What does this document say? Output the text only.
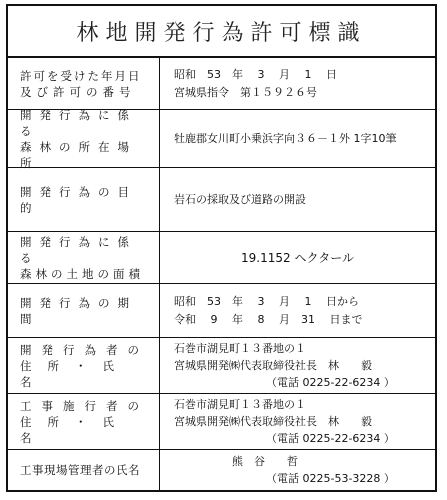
林地開発行為許可標識
許可を受けた年月日
及び許可の番号
昭和　53　年　 3　 月　 1　 日
宮城県指令　第１５９２６号
開発行為に係る
森林の所在場所
牡鹿郡女川町小乗浜字向３６－１外 1字10筆
開発行為の目的
岩石の採取及び道路の開設
開発行為に係る
森林の土地の面積
19.1152 ヘクタール
開発行為の期間
昭和　53　年　 3　 月　 1　 日から
令和　 9　 年　 8　 月　31　 日まで
開発行為者の
住所・氏名
石巻市湖見町１３番地の１
宮城県開発㈱代表取締役社長　林　　毅
（電話 0225-22-6234 ）
工事施行者の
住所・氏名
石巻市湖見町１３番地の１
宮城県開発㈱代表取締役社長　林　　毅
（電話 0225-22-6234 ）
工事現場管理者の氏名
熊　谷　　哲
（電話 0225-53-3228 ）
